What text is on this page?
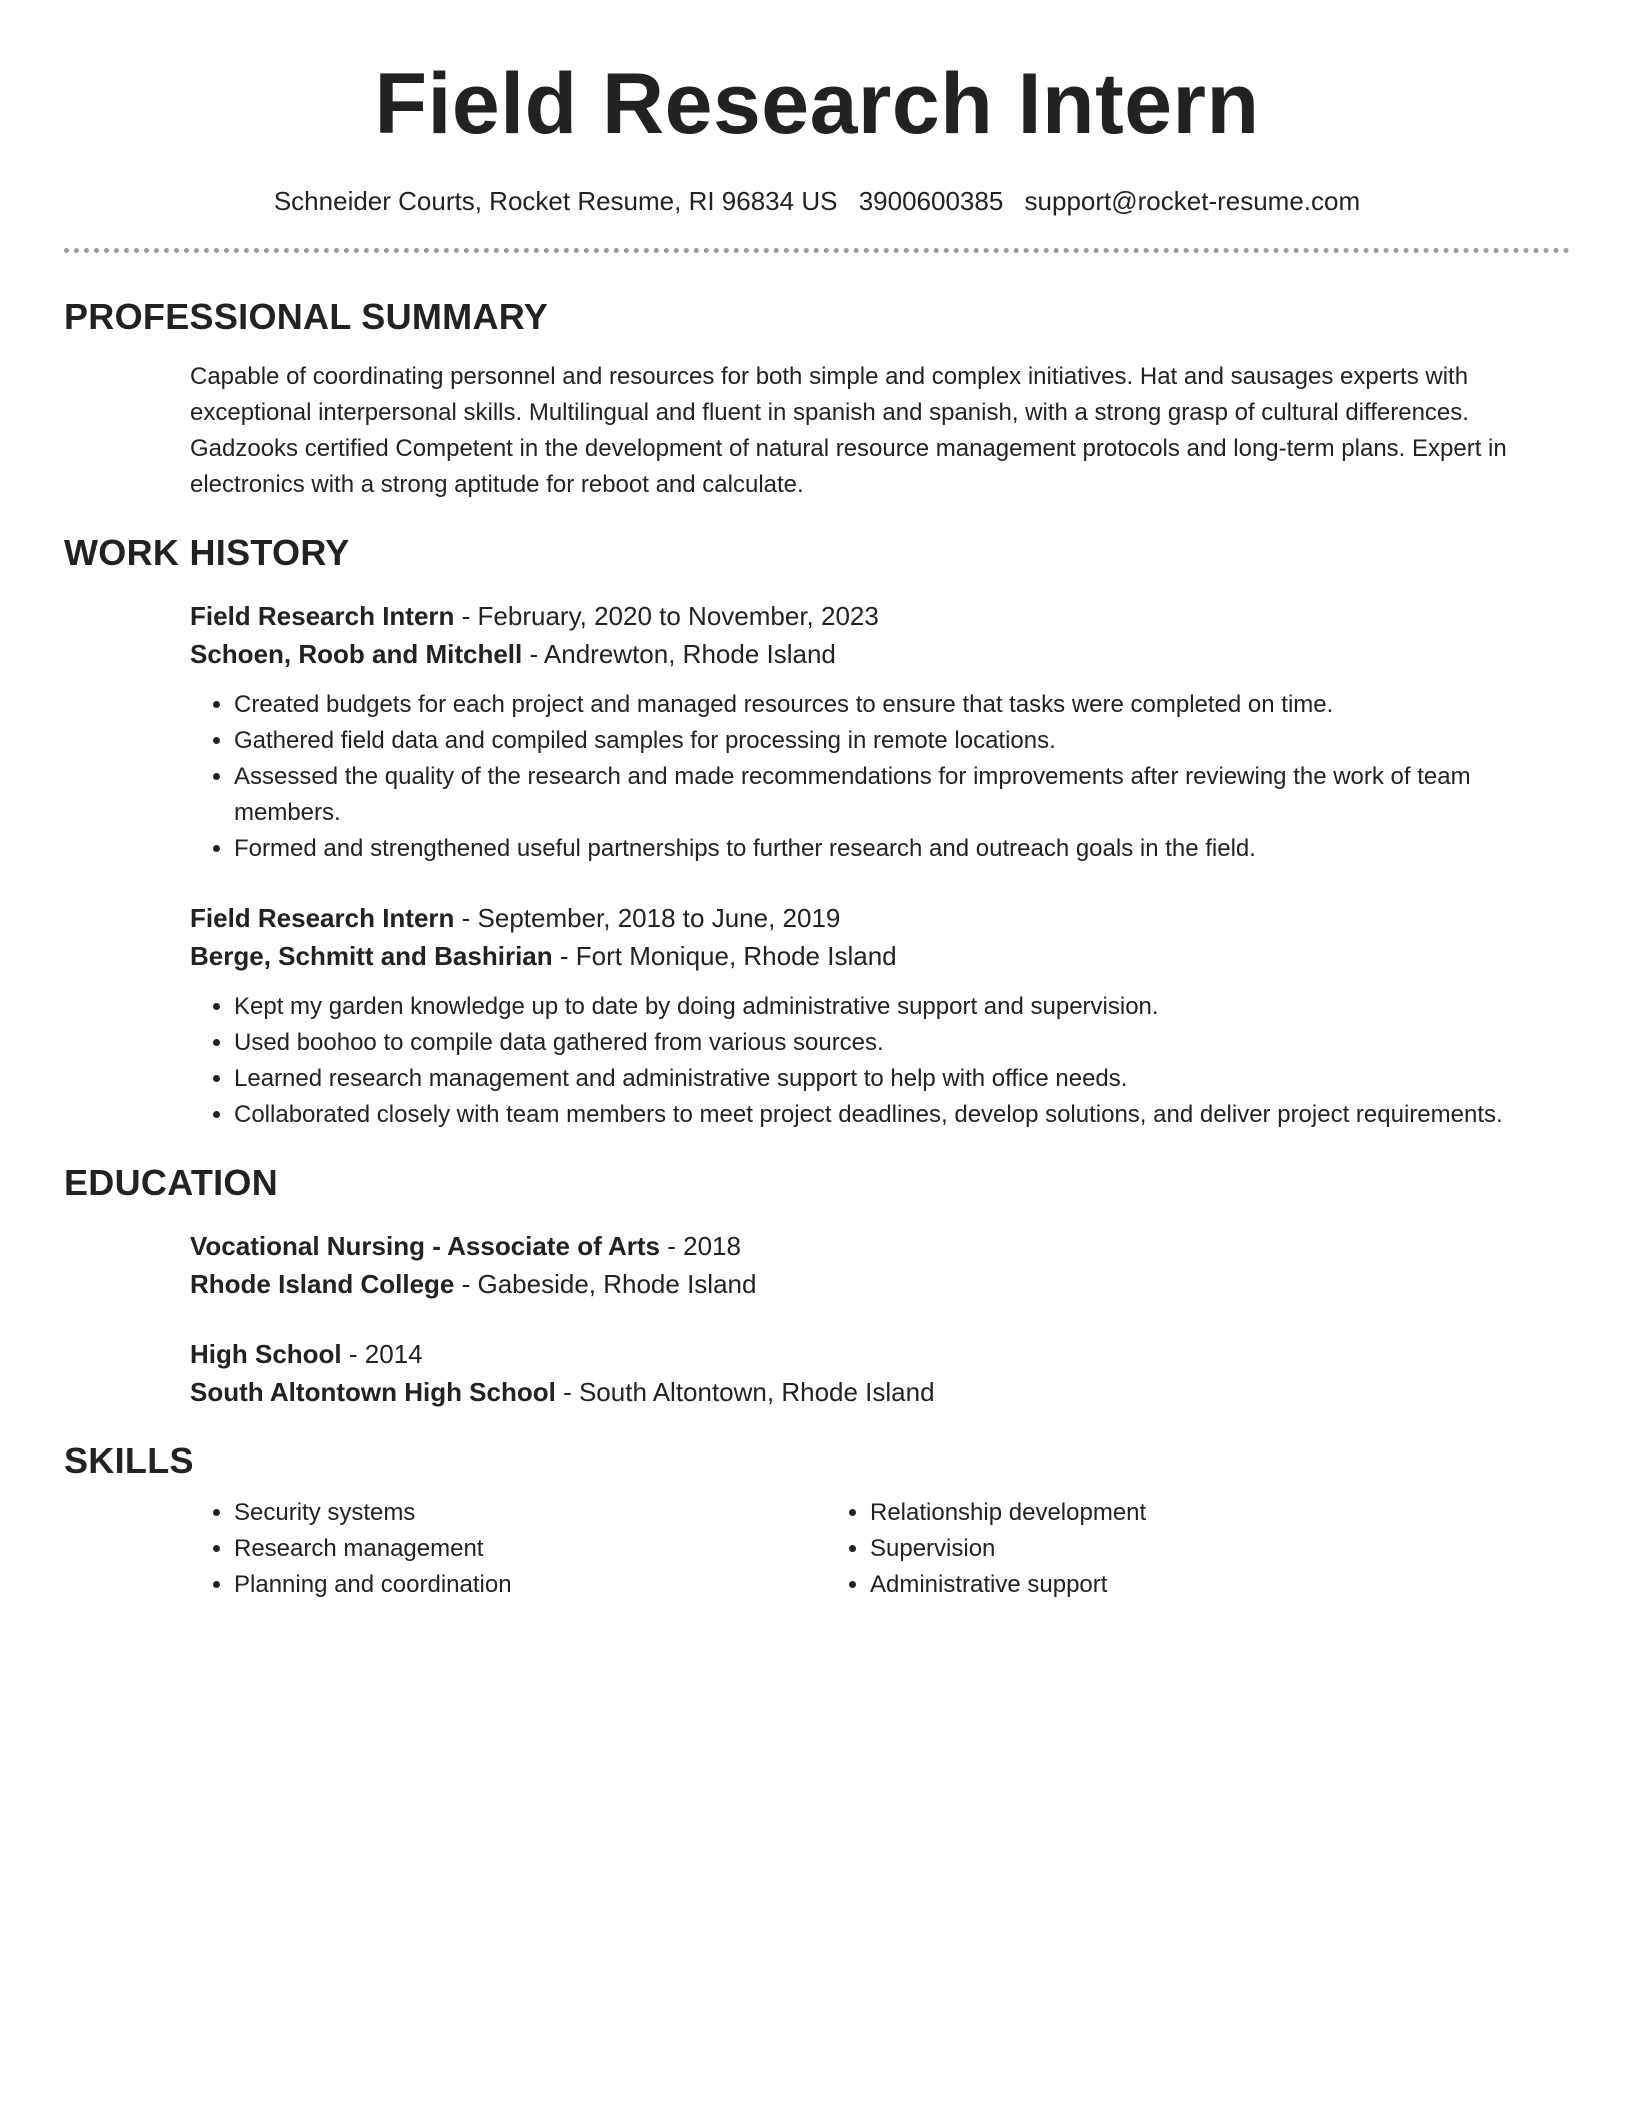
Field Research Intern
Schneider Courts, Rocket Resume, RI 96834 US 3900600385 support@rocket-resume.com
PROFESSIONAL SUMMARY
Capable of coordinating personnel and resources for both simple and complex initiatives. Hat and sausages experts with exceptional interpersonal skills. Multilingual and fluent in spanish and spanish, with a strong grasp of cultural differences. Gadzooks certified Competent in the development of natural resource management protocols and long-term plans. Expert in electronics with a strong aptitude for reboot and calculate.
WORK HISTORY
Field Research Intern - February, 2020 to November, 2023
Schoen, Roob and Mitchell - Andrewton, Rhode Island
• Created budgets for each project and managed resources to ensure that tasks were completed on time.
• Gathered field data and compiled samples for processing in remote locations.
• Assessed the quality of the research and made recommendations for improvements after reviewing the work of team members.
• Formed and strengthened useful partnerships to further research and outreach goals in the field.
Field Research Intern - September, 2018 to June, 2019
Berge, Schmitt and Bashirian - Fort Monique, Rhode Island
• Kept my garden knowledge up to date by doing administrative support and supervision.
• Used boohoo to compile data gathered from various sources.
• Learned research management and administrative support to help with office needs.
• Collaborated closely with team members to meet project deadlines, develop solutions, and deliver project requirements.
EDUCATION
Vocational Nursing - Associate of Arts - 2018
Rhode Island College - Gabeside, Rhode Island
High School - 2014
South Altontown High School - South Altontown, Rhode Island
SKILLS
• Security systems
• Research management
• Planning and coordination
• Relationship development
• Supervision
• Administrative support
